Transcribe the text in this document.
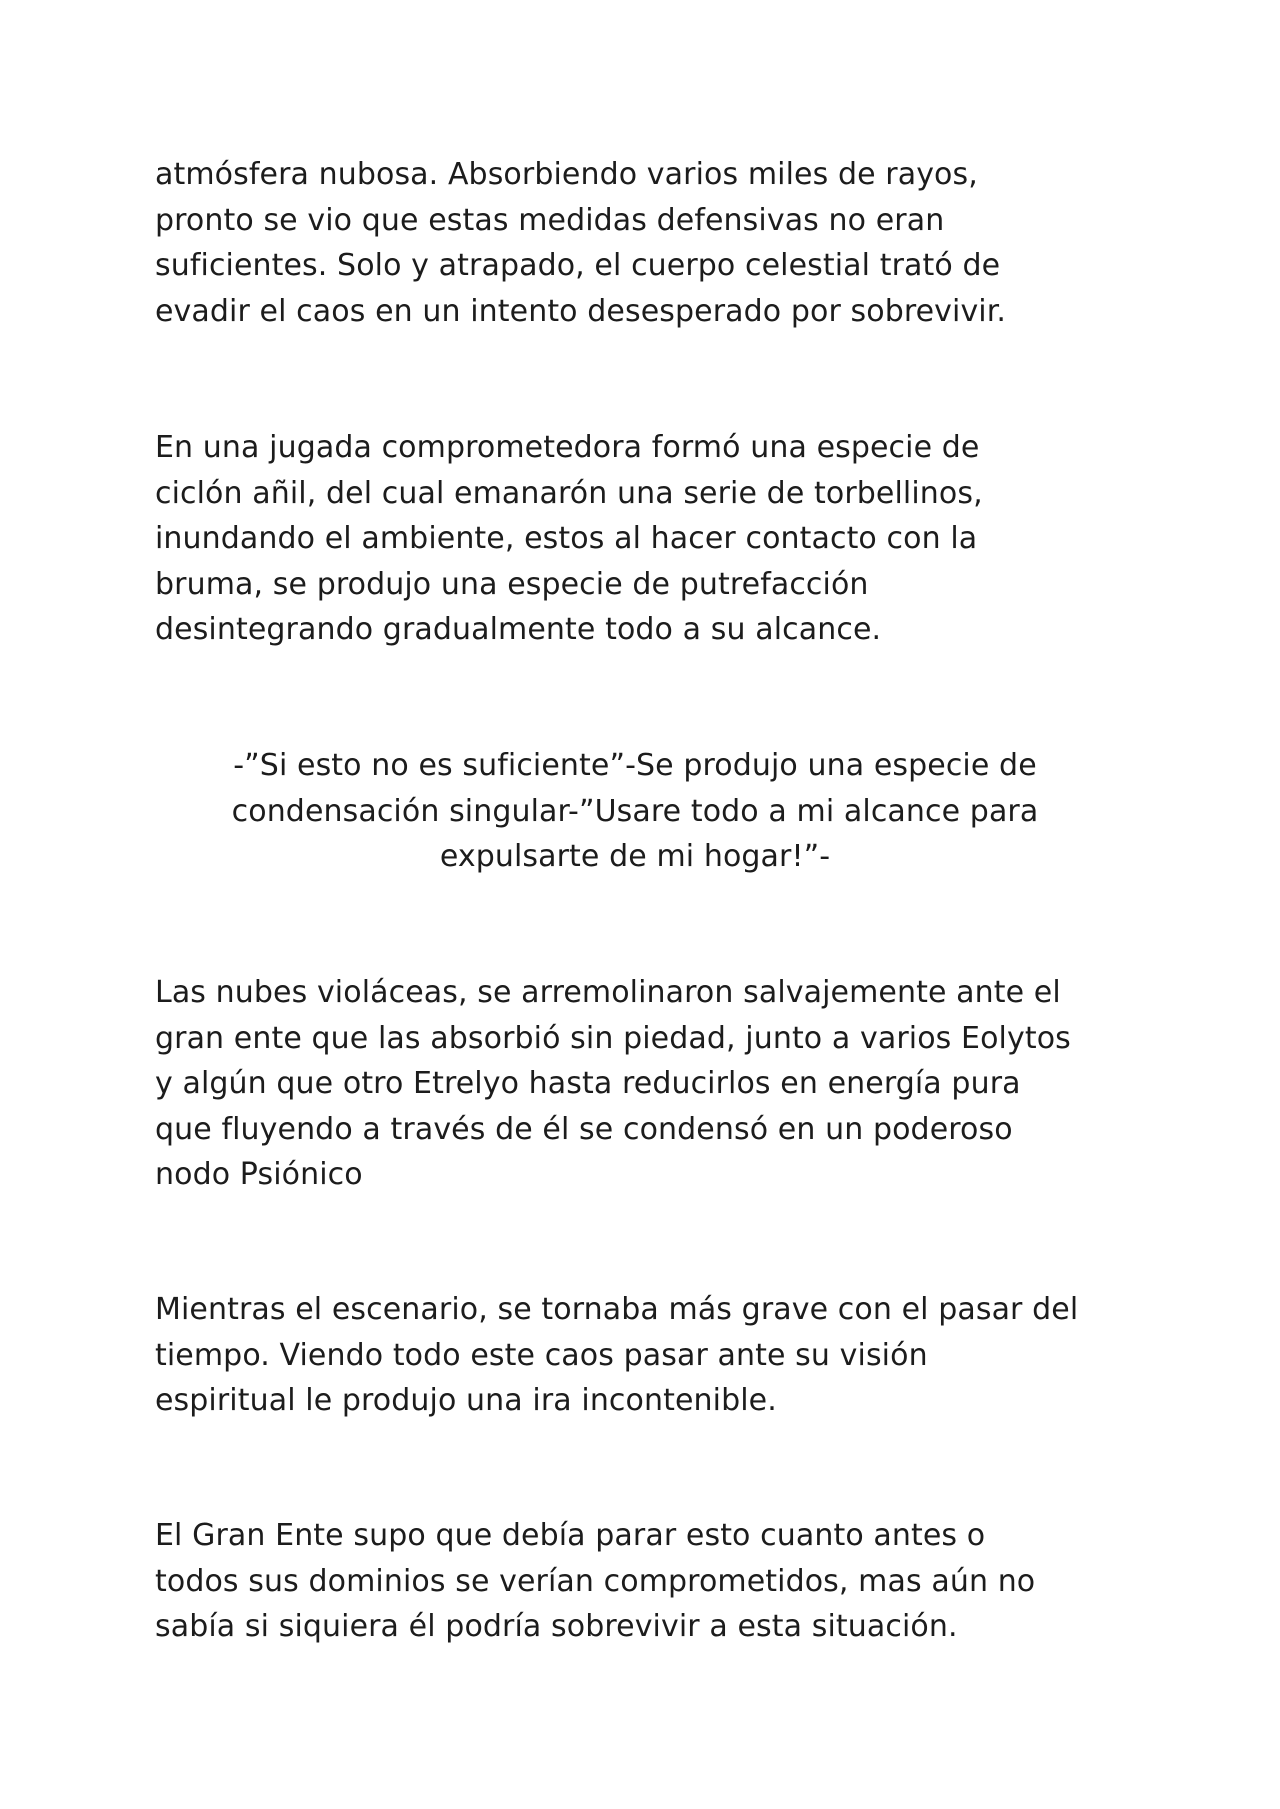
atmósfera nubosa. Absorbiendo varios miles de rayos,
pronto se vio que estas medidas defensivas no eran
suficientes. Solo y atrapado, el cuerpo celestial trató de
evadir el caos en un intento desesperado por sobrevivir.

En una jugada comprometedora formó una especie de
ciclón añil, del cual emanarón una serie de torbellinos,
inundando el ambiente, estos al hacer contacto con la
bruma, se produjo una especie de putrefacción
desintegrando gradualmente todo a su alcance.

-”Si esto no es suficiente”-Se produjo una especie de
condensación singular-”Usare todo a mi alcance para
expulsarte de mi hogar!”-

Las nubes violáceas, se arremolinaron salvajemente ante el
gran ente que las absorbió sin piedad, junto a varios Eolytos
y algún que otro Etrelyo hasta reducirlos en energía pura
que fluyendo a través de él se condensó en un poderoso
nodo Psiónico

Mientras el escenario, se tornaba más grave con el pasar del
tiempo. Viendo todo este caos pasar ante su visión
espiritual le produjo una ira incontenible.

El Gran Ente supo que debía parar esto cuanto antes o
todos sus dominios se verían comprometidos, mas aún no
sabía si siquiera él podría sobrevivir a esta situación.
